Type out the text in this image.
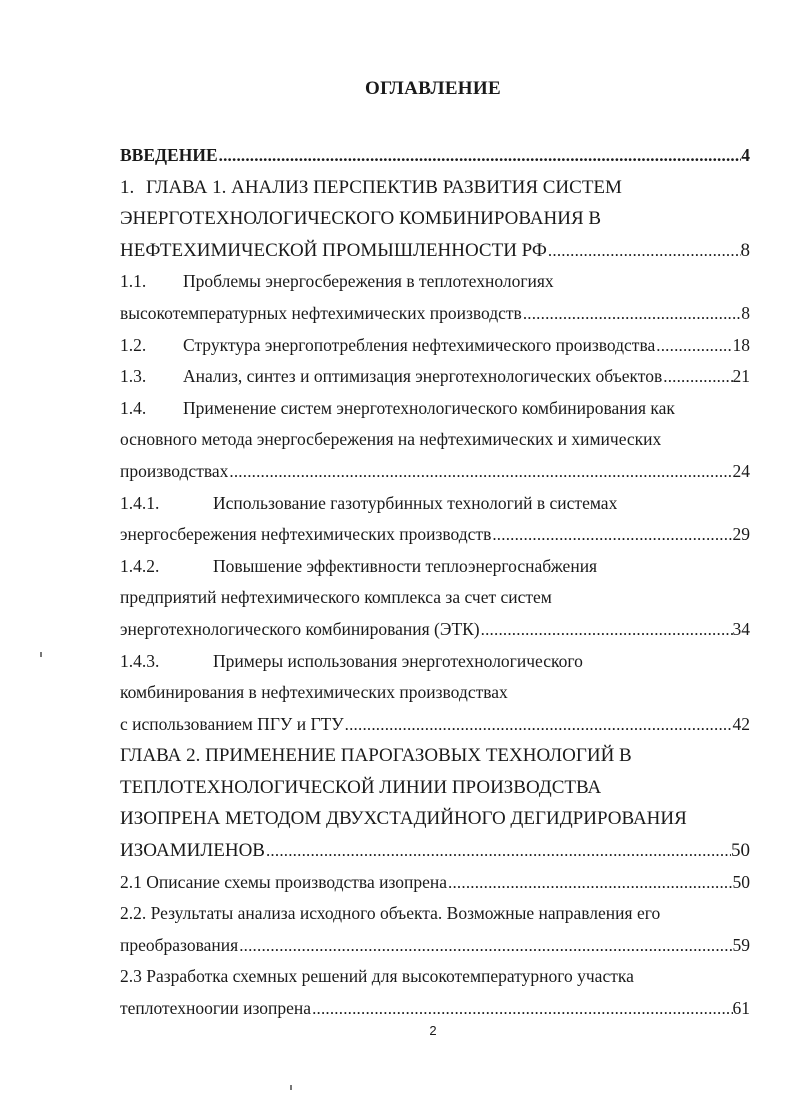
ОГЛАВЛЕНИЕ
ВВЕДЕНИЕ .....	4
1. ГЛАВА 1. АНАЛИЗ ПЕРСПЕКТИВ РАЗВИТИЯ СИСТЕМ
ЭНЕРГОТЕХНОЛОГИЧЕСКОГО КОМБИНИРОВАНИЯ В
НЕФТЕХИМИЧЕСКОЙ ПРОМЫШЛЕННОСТИ РФ .....	8
1.1.	Проблемы энергосбережения в теплотехнологиях
высокотемпературных нефтехимических производств .....	8
1.2.	Структура энергопотребления нефтехимического производства .....	18
1.3.	Анализ, синтез и оптимизация энерготехнологических объектов .....	21
1.4.	Применение систем энерготехнологического комбинирования как
основного метода энергосбережения на нефтехимических и химических
производствах .....	24
1.4.1.	Использование газотурбинных технологий в системах
энергосбережения нефтехимических производств .....	29
1.4.2.	Повышение эффективности теплоэнергоснабжения
предприятий нефтехимического комплекса за счет систем
энерготехнологического комбинирования (ЭТК) .....	34
1.4.3.	Примеры использования энерготехнологического
комбинирования в нефтехимических производствах
с использованием ПГУ и ГТУ .....	42
ГЛАВА 2. ПРИМЕНЕНИЕ ПАРОГАЗОВЫХ ТЕХНОЛОГИЙ В
ТЕПЛОТЕХНОЛОГИЧЕСКОЙ ЛИНИИ ПРОИЗВОДСТВА
ИЗОПРЕНА МЕТОДОМ ДВУХСТАДИЙНОГО ДЕГИДРИРОВАНИЯ
ИЗОАМИЛЕНОВ .....	50
2.1 Описание схемы производства изопрена .....	50
2.2. Результаты анализа исходного объекта. Возможные направления его
преобразования .....	59
2.3 Разработка схемных решений для высокотемпературного участка
теплотехноогии изопрена .....	61
2
